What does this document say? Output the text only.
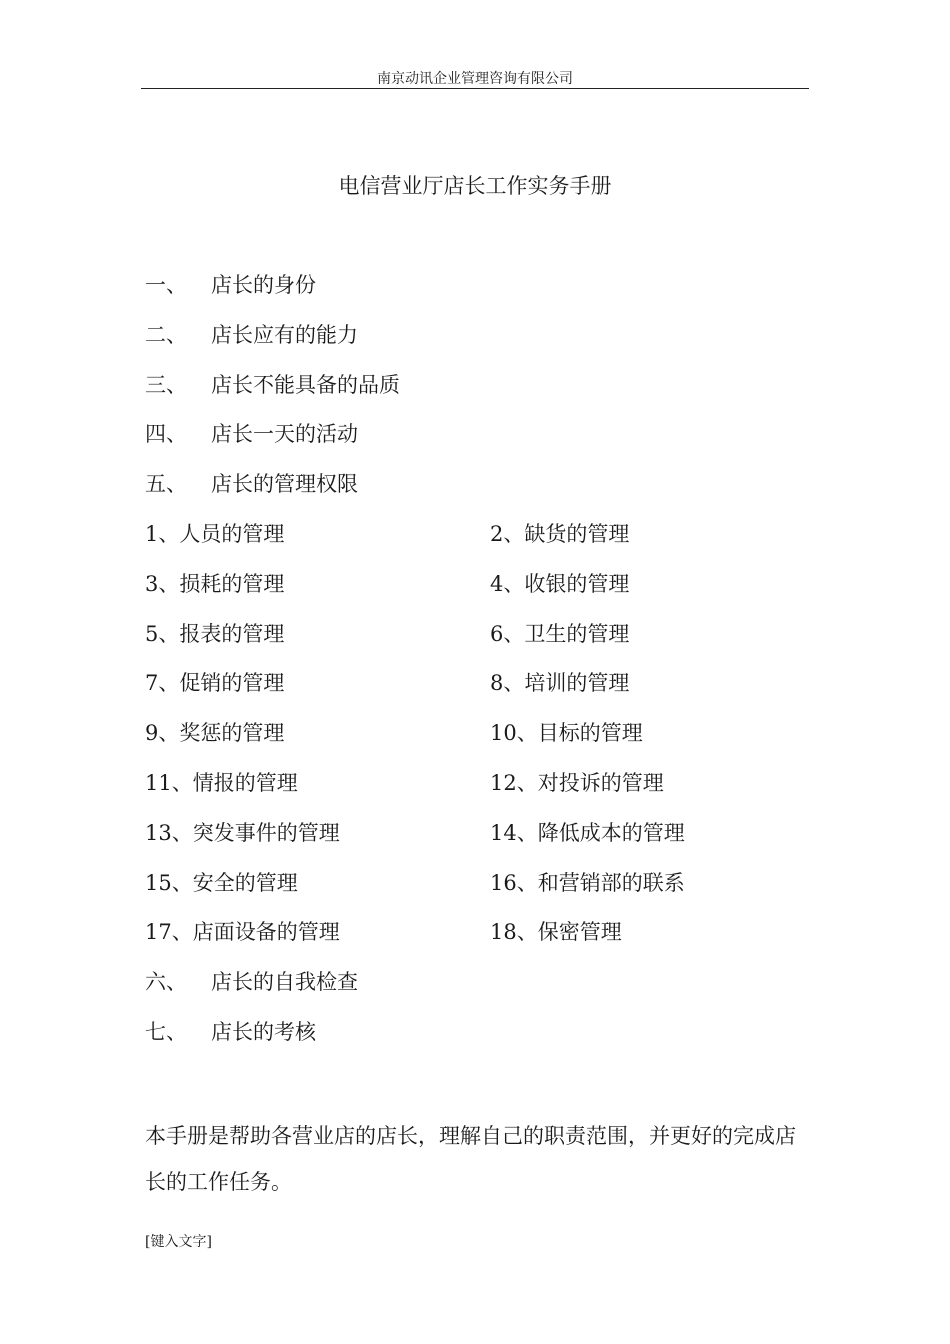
南京动讯企业管理咨询有限公司
电信营业厅店长工作实务手册
一、 店长的身份
二、 店长应有的能力
三、 店长不能具备的品质
四、 店长一天的活动
五、 店长的管理权限
1、人员的管理	2、缺货的管理
3、损耗的管理	4、收银的管理
5、报表的管理	6、卫生的管理
7、促销的管理	8、培训的管理
9、奖惩的管理	10、目标的管理
11、情报的管理	12、对投诉的管理
13、突发事件的管理	14、降低成本的管理
15、安全的管理	16、和营销部的联系
17、店面设备的管理	18、保密管理
六、 店长的自我检查
七、 店长的考核

本手册是帮助各营业店的店长，理解自己的职责范围，并更好的完成店长的工作任务。

[键入文字]
